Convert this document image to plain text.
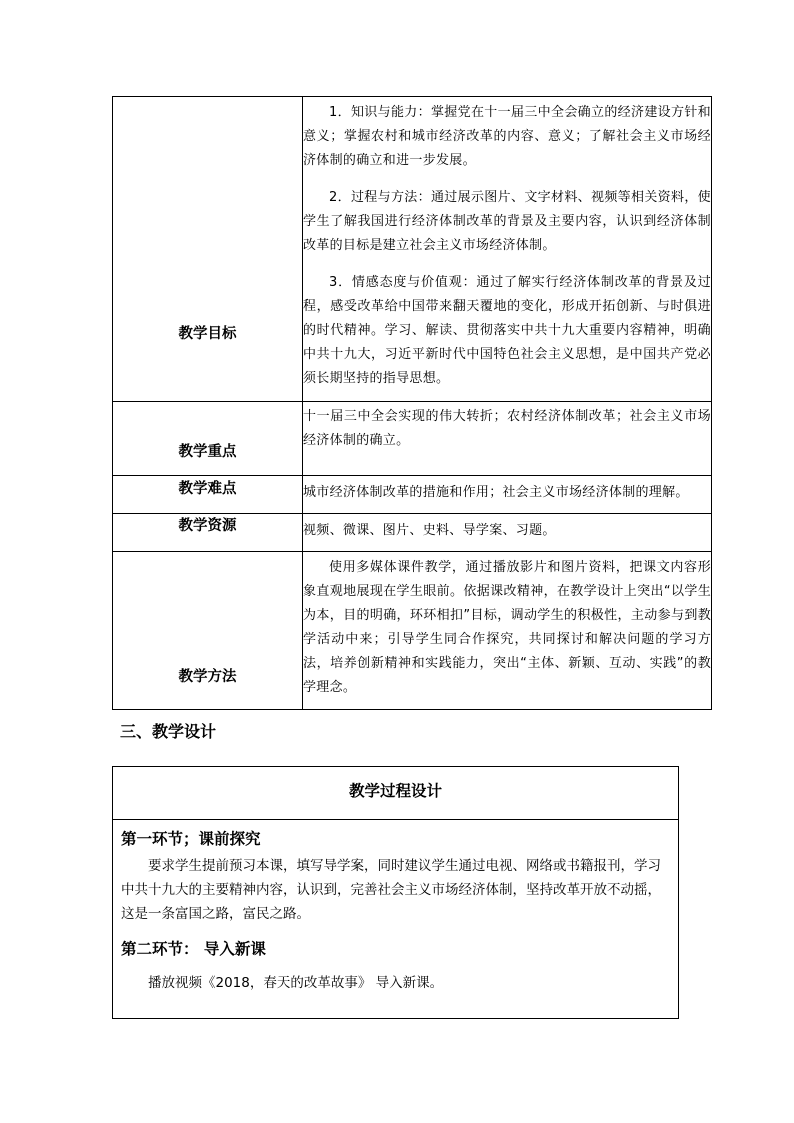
教学目标	1．知识与能力：掌握党在十一届三中全会确立的经济建设方针和意义；掌握农村和城市经济改革的内容、意义；了解社会主义市场经济体制的确立和进一步发展。

2．过程与方法：通过展示图片、文字材料、视频等相关资料，使学生了解我国进行经济体制改革的背景及主要内容，认识到经济体制改革的目标是建立社会主义市场经济体制。

3．情感态度与价值观：通过了解实行经济体制改革的背景及过程，感受改革给中国带来翻天覆地的变化，形成开拓创新、与时俱进的时代精神。学习、解读、贯彻落实中共十九大重要内容精神，明确中共十九大，习近平新时代中国特色社会主义思想，是中国共产党必须长期坚持的指导思想。

教学重点	十一届三中全会实现的伟大转折；农村经济体制改革；社会主义市场经济体制的确立。

教学难点	城市经济体制改革的措施和作用；社会主义市场经济体制的理解。

教学资源	视频、微课、图片、史料、导学案、习题。

教学方法	使用多媒体课件教学，通过播放影片和图片资料，把课文内容形象直观地展现在学生眼前。依据课改精神，在教学设计上突出“以学生为本，目的明确，环环相扣”目标，调动学生的积极性，主动参与到教学活动中来；引导学生同合作探究，共同探讨和解决问题的学习方法，培养创新精神和实践能力，突出“主体、新颖、互动、实践”的教学理念。

三、教学设计
教学过程设计
第一环节；课前探究

要求学生提前预习本课，填写导学案，同时建议学生通过电视、网络或书籍报刊，学习中共十九大的主要精神内容，认识到，完善社会主义市场经济体制，坚持改革开放不动摇，这是一条富国之路，富民之路。

第二环节： 导入新课

播放视频《2018，春天的改革故事》 导入新课。
